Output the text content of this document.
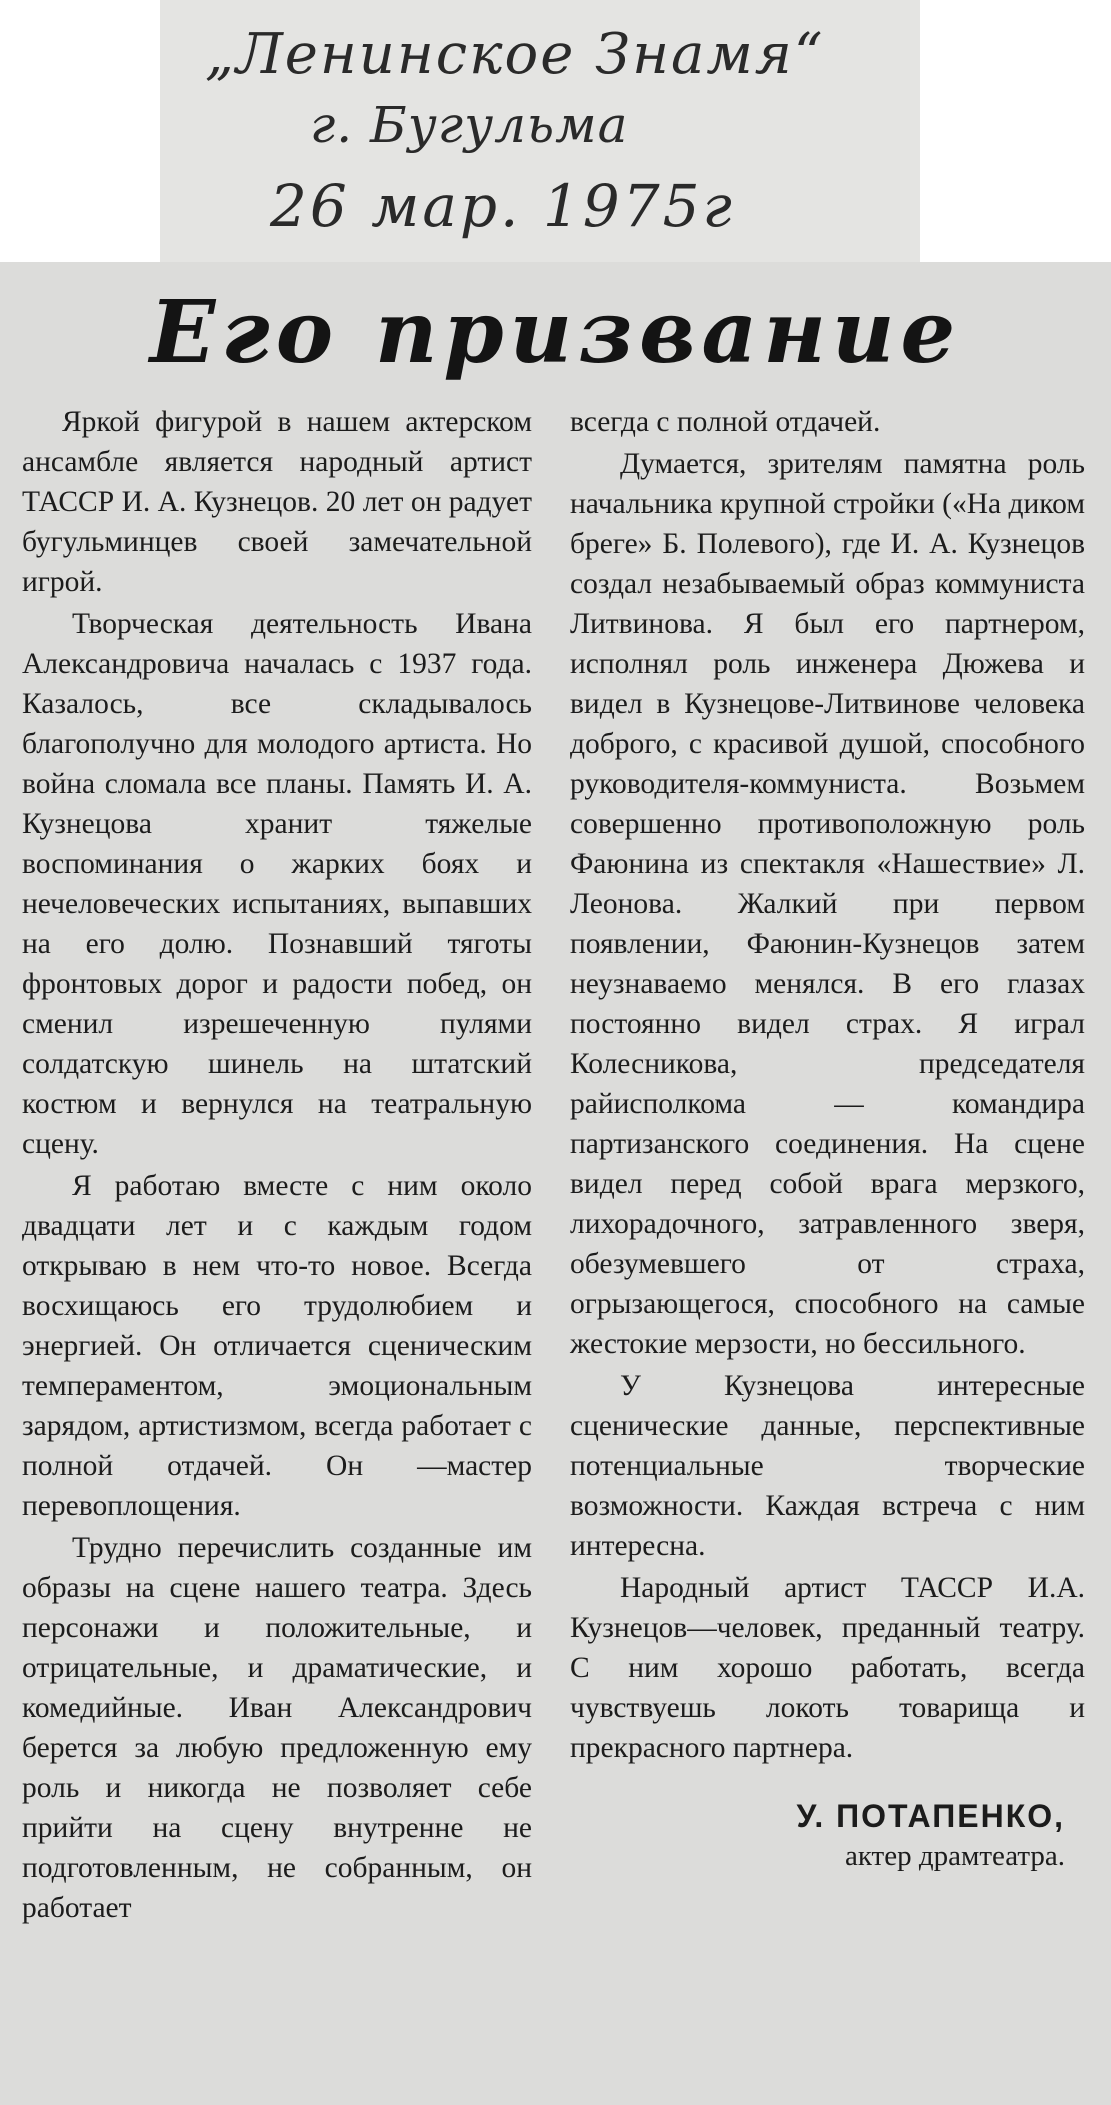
„Ленинское Знамя“
г. Бугульма
26 мар. 1975г
Его призвание

Яркой фигурой в нашем актерском ансамбле является народный артист ТАССР И. А. Кузнецов. 20 лет он радует бугульминцев своей замечательной игрой.

Творческая деятельность Ивана Александровича началась с 1937 года. Казалось, все складывалось благополучно для молодого артиста. Но война сломала все планы. Память И. А. Кузнецова хранит тяжелые воспоминания о жарких боях и нечеловеческих испытаниях, выпавших на его долю. Познавший тяготы фронтовых дорог и радости побед, он сменил изрешеченную пулями солдатскую шинель на штатский костюм и вернулся на театральную сцену.

Я работаю вместе с ним около двадцати лет и с каждым годом открываю в нем что-то новое. Всегда восхищаюсь его трудолюбием и энергией. Он отличается сценическим темпераментом, эмоциональным зарядом, артистизмом, всегда работает с полной отдачей. Он —мастер перевоплощения.

Трудно перечислить созданные им образы на сцене нашего театра. Здесь персонажи и положительные, и отрицательные, и драматические, и комедийные. Иван Александрович берется за любую предложенную ему роль и никогда не позволяет себе прийти на сцену внутренне не подготовленным, не собранным, он работает

всегда с полной отдачей.

Думается, зрителям памятна роль начальника крупной стройки («На диком бреге» Б. Полевого), где И. А. Кузнецов создал незабываемый образ коммуниста Литвинова. Я был его партнером, исполнял роль инженера Дюжева и видел в Кузнецове-Литвинове человека доброго, с красивой душой, способного руководителя-коммуниста. Возьмем совершенно противоположную роль Фаюнина из спектакля «Нашествие» Л. Леонова. Жалкий при первом появлении, Фаюнин-Кузнецов затем неузнаваемо менялся. В его глазах постоянно видел страх. Я играл Колесникова, председателя райисполкома — командира партизанского соединения. На сцене видел перед собой врага мерзкого, лихорадочного, затравленного зверя, обезумевшего от страха, огрызающегося, способного на самые жестокие мерзости, но бессильного.

У Кузнецова интересные сценические данные, перспективные потенциальные творческие возможности. Каждая встреча с ним интересна.

Народный артист ТАССР И.А. Кузнецов—человек, преданный театру. С ним хорошо работать, всегда чувствуешь локоть товарища и прекрасного партнера.

У. ПОТАПЕНКО,
актер драмтеатра.
